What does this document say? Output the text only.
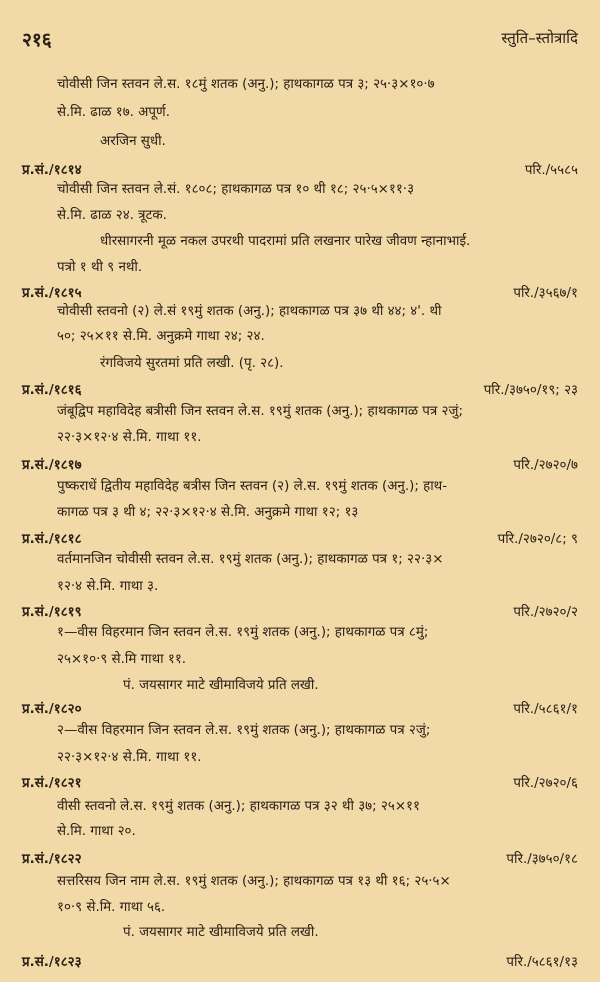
२१६	स्तुति–स्तोत्रादि
चोवीसी जिन स्तवन ले.स. १८मुं शतक (अनु.); हाथकागळ पत्र ३; २५·३×१०·७
से.मि. ढाळ १७. अपूर्ण.
अरजिन सुधी.
प्र.सं./१८१४	परि./५५८५
चोवीसी जिन स्तवन ले.सं. १८०८; हाथकागळ पत्र १० थी १८; २५·५×११·३
से.मि. ढाळ २४. त्रूटक.
धीरसागरनी मूळ नकल उपरथी पादरामां प्रति लखनार पारेख जीवण न्हानाभाई.
पत्रो १ थी ९ नथी.
प्र.सं./१८१५	परि./३५६७/१
चोवीसी स्तवनो (२) ले.सं १९मुं शतक (अनु.); हाथकागळ पत्र ३७ थी ४४; ४'. थी
५०; २५×११ से.मि. अनुक्रमे गाथा २४; २४.
रंगविजये सुरतमां प्रति लखी. (पृ. २८).
प्र.सं./१८१६	परि./३७५०/१९; २३
जंबूद्विप महाविदेह बत्रीसी जिन स्तवन ले.स. १९मुं शतक (अनु.); हाथकागळ पत्र २जुं;
२२·३×१२·४ से.मि. गाथा ११.
प्र.सं./१८१७	परि./२७२०/७
पुष्कराधें द्वितीय महाविदेह बत्रीस जिन स्तवन (२) ले.स. १९मुं शतक (अनु.); हाथ-
कागळ पत्र ३ थी ४; २२·३×१२·४ से.मि. अनुक्रमे गाथा १२; १३
प्र.सं./१८१८	परि./२७२०/८; ९
वर्तमानजिन चोवीसी स्तवन ले.स. १९मुं शतक (अनु.); हाथकागळ पत्र १; २२·३×
१२·४ से.मि. गाथा ३.
प्र.सं./१८१९	परि./२७२०/२
१—वीस विहरमान जिन स्तवन ले.स. १९मुं शतक (अनु.); हाथकागळ पत्र ८मुं;
२५×१०·९ से.मि गाथा ११.
पं. जयसागर माटे खीमाविजये प्रति लखी.
प्र.सं./१८२०	परि./५८६१/१
२—वीस विहरमान जिन स्तवन ले.स. १९मुं शतक (अनु.); हाथकागळ पत्र २जुं;
२२·३×१२·४ से.मि. गाथा ११.
प्र.सं./१८२१	परि./२७२०/६
वीसी स्तवनो ले.स. १९मुं शतक (अनु.); हाथकागळ पत्र ३२ थी ३७; २५×११
से.मि. गाथा २०.
प्र.सं./१८२२	परि./३७५०/१८
सत्तरिसय जिन नाम ले.स. १९मुं शतक (अनु.); हाथकागळ पत्र १३ थी १६; २५·५×
१०·९ से.मि. गाथा ५६.
पं. जयसागर माटे खीमाविजये प्रति लखी.
प्र.सं./१८२३	परि./५८६१/१३
